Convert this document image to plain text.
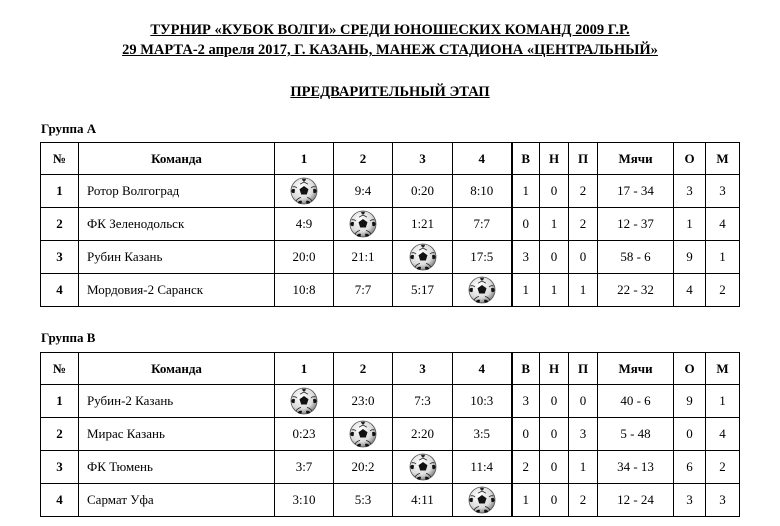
ТУРНИР «КУБОК ВОЛГИ» СРЕДИ ЮНОШЕСКИХ КОМАНД 2009 Г.Р.
29 МАРТА-2 апреля 2017, Г. КАЗАНЬ, МАНЕЖ СТАДИОНА «ЦЕНТРАЛЬНЫЙ»
ПРЕДВАРИТЕЛЬНЫЙ ЭТАП
Группа А
№	Команда	1	2	3	4	В	Н	П	Мячи	О	М
1	Ротор Волгоград		9:4	0:20	8:10	1	0	2	17 - 34	3	3
2	ФК Зеленодольск	4:9		1:21	7:7	0	1	2	12 - 37	1	4
3	Рубин Казань	20:0	21:1		17:5	3	0	0	58 - 6	9	1
4	Мордовия-2 Саранск	10:8	7:7	5:17		1	1	1	22 - 32	4	2
Группа В
№	Команда	1	2	3	4	В	Н	П	Мячи	О	М
1	Рубин-2 Казань		23:0	7:3	10:3	3	0	0	40 - 6	9	1
2	Мирас Казань	0:23		2:20	3:5	0	0	3	5 - 48	0	4
3	ФК Тюмень	3:7	20:2		11:4	2	0	1	34 - 13	6	2
4	Сармат Уфа	3:10	5:3	4:11		1	0	2	12 - 24	3	3
